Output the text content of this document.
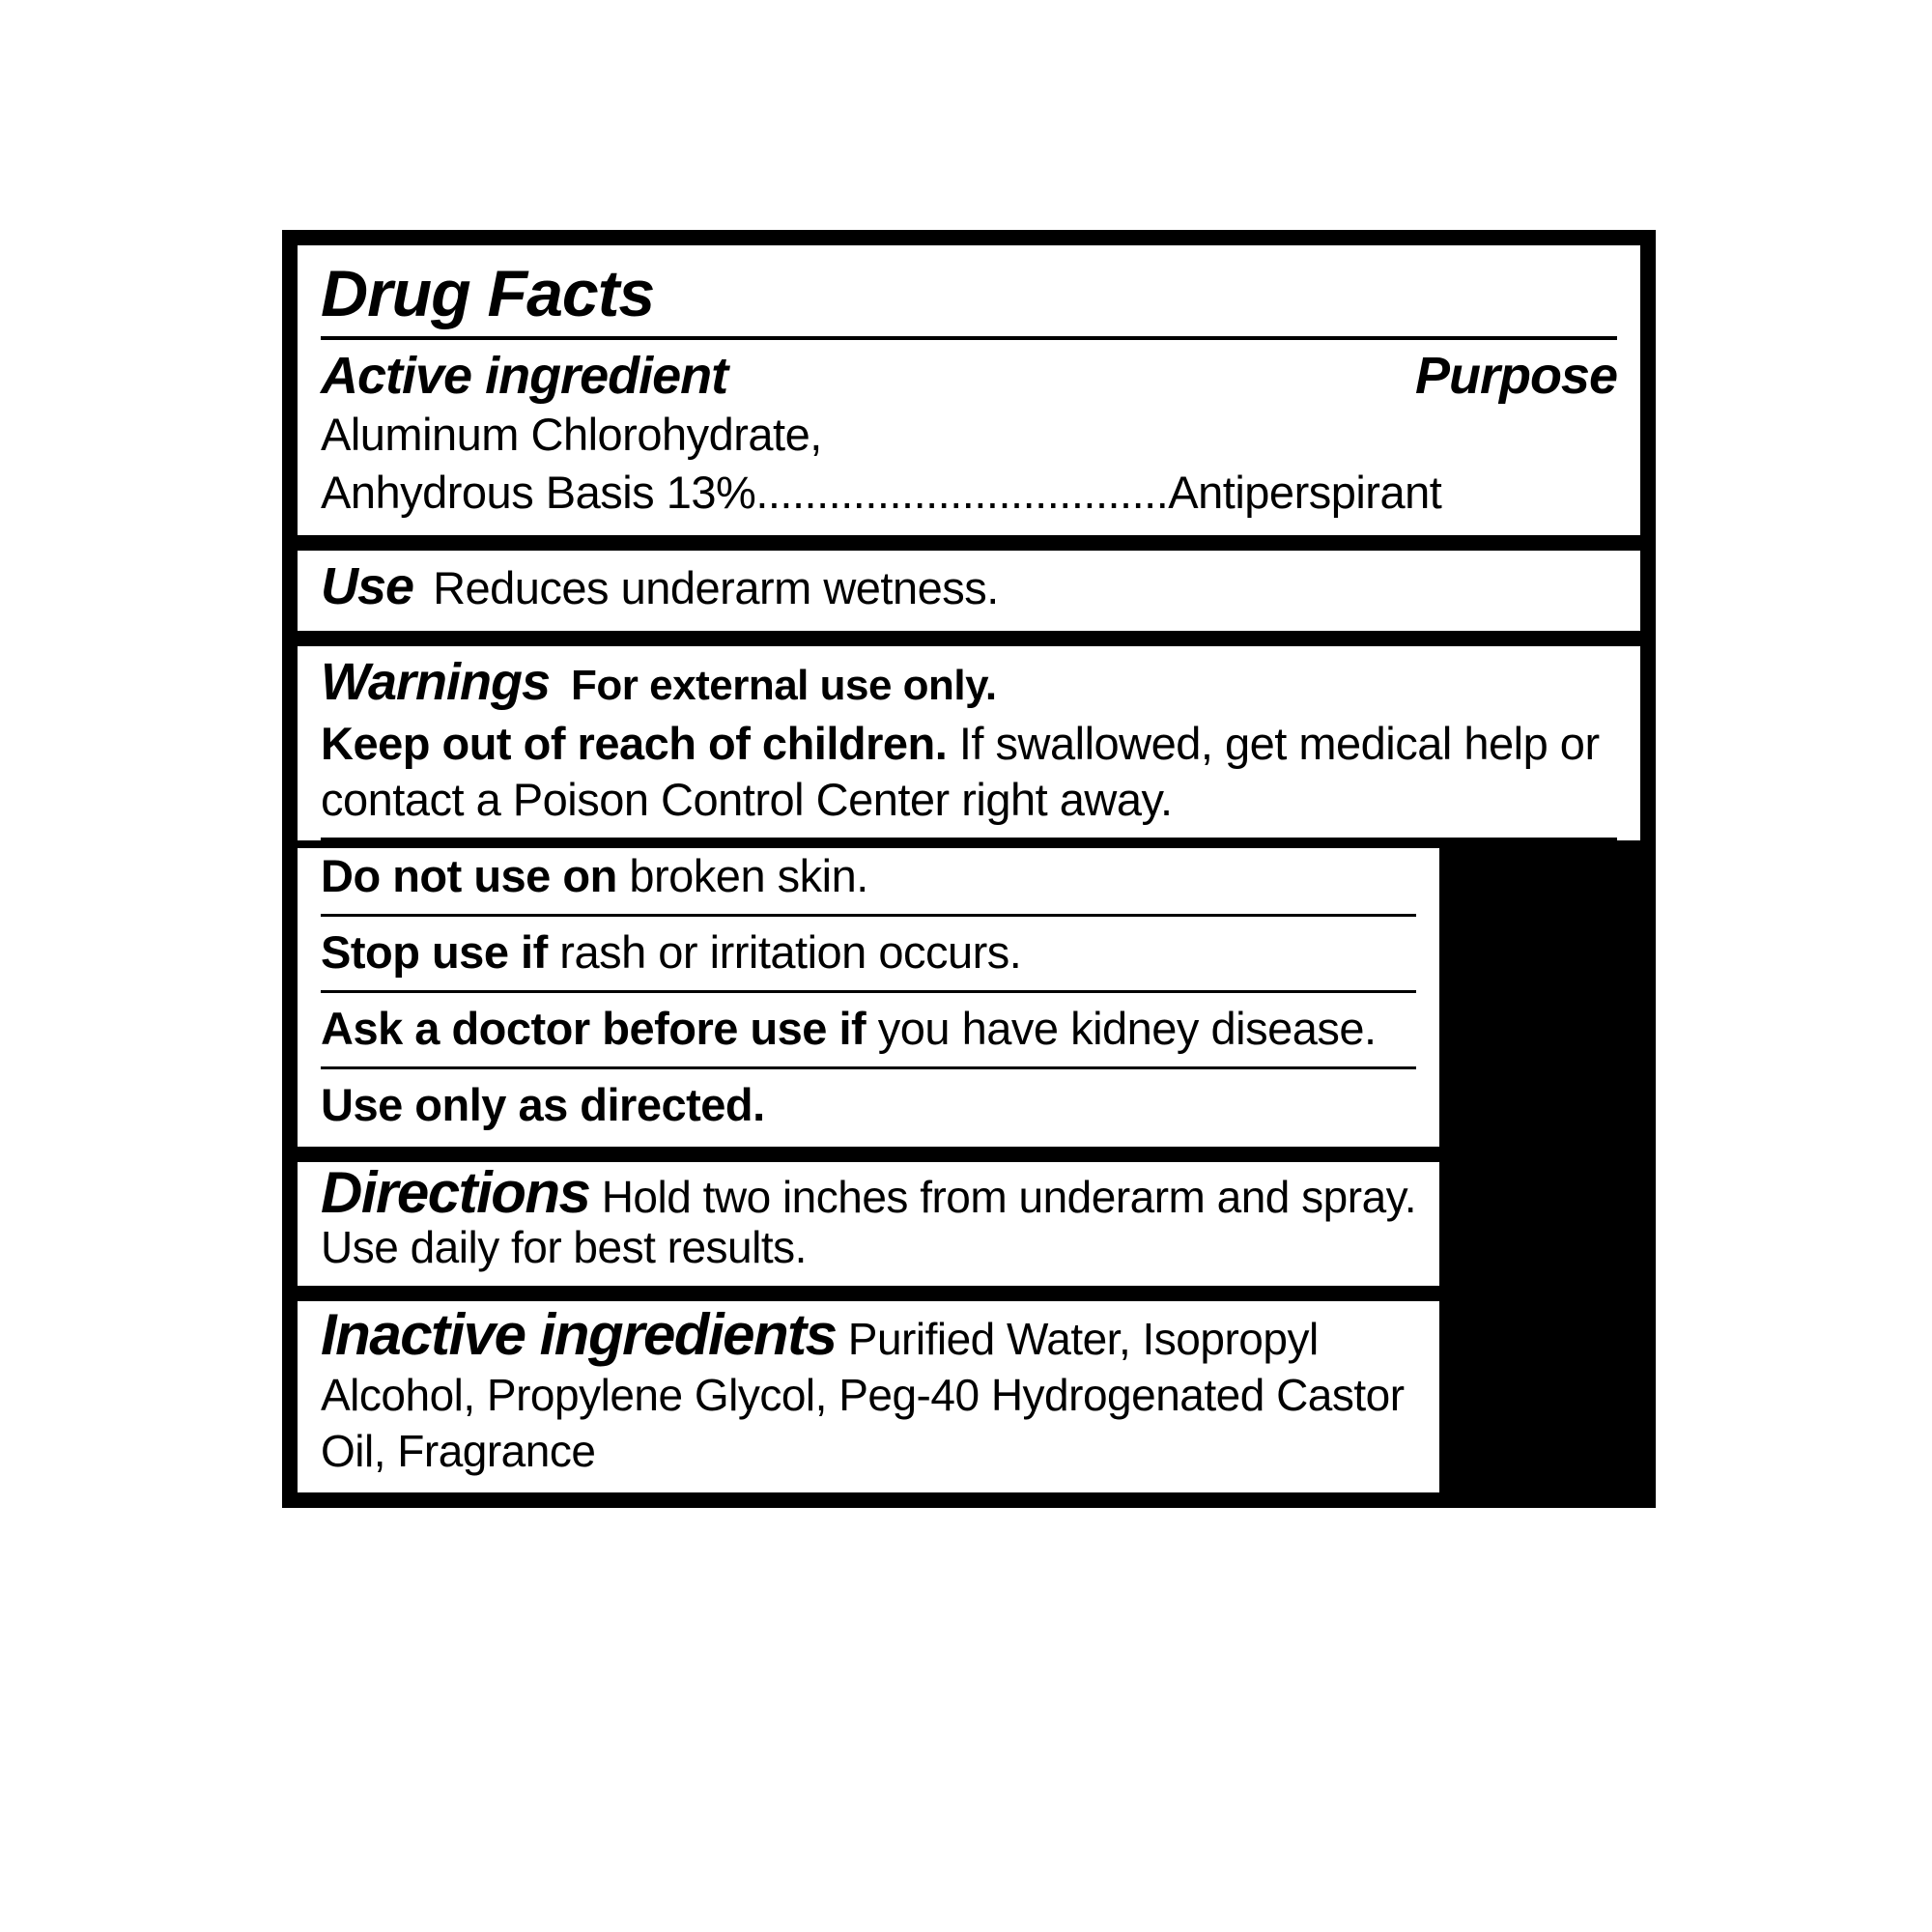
Drug Facts
Active ingredient	Purpose
Aluminum Chlorohydrate,
Anhydrous Basis 13%..................................Antiperspirant
Use Reduces underarm wetness.
Warnings For external use only.
Keep out of reach of children. If swallowed, get medical help or contact a Poison Control Center right away.
Do not use on broken skin.
Stop use if rash or irritation occurs.
Ask a doctor before use if you have kidney disease.
Use only as directed.
Directions Hold two inches from underarm and spray. Use daily for best results.
Inactive ingredients Purified Water, Isopropyl Alcohol, Propylene Glycol, Peg-40 Hydrogenated Castor Oil, Fragrance
